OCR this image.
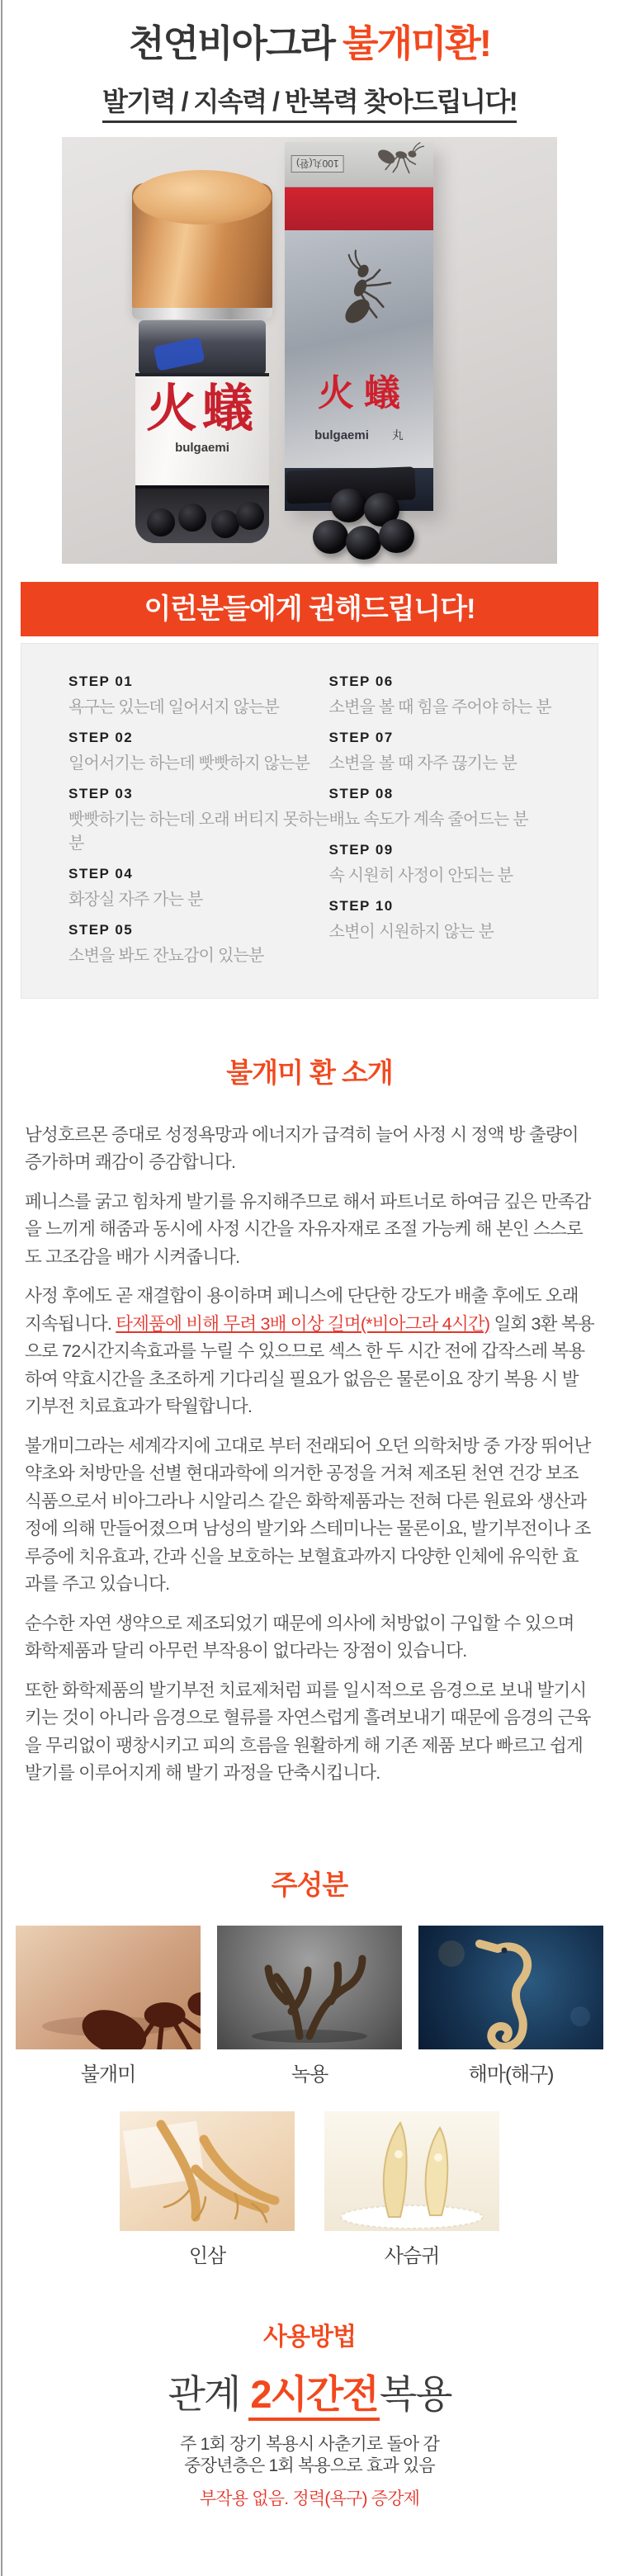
천연비아그라 불개미환!

발기력 / 지속력 / 반복력 찾아드립니다!

100丸(환)
火蟻
bulgaemi 丸
火蟻
bulgaemi
이런분들에게 권해드립니다!
STEP 01
욕구는 있는데 일어서지 않는분
STEP 02
일어서기는 하는데 빳빳하지 않는분
STEP 03
빳빳하기는 하는데 오래 버티지 못하는분
STEP 04
화장실 자주 가는 분
STEP 05
소변을 봐도 잔뇨감이 있는분
STEP 06
소변을 볼 때 힘을 주어야 하는 분
STEP 07
소변을 볼 때 자주 끊기는 분
STEP 08
배뇨 속도가 계속 줄어드는 분
STEP 09
속 시원히 사정이 안되는 분
STEP 10
소변이 시원하지 않는 분
불개미 환 소개

남성호르몬 증대로 성정욕망과 에너지가 급격히 늘어 사정 시 정액 방 출량이 증가하며 쾌감이 증감합니다.

페니스를 굵고 힘차게 발기를 유지해주므로 해서 파트너로 하여금 깊은 만족감을 느끼게 해줌과 동시에 사정 시간을 자유자재로 조절 가능케 해 본인 스스로도 고조감을 배가 시켜줍니다.

사정 후에도 곧 재결합이 용이하며 페니스에 단단한 강도가 배출 후에도 오래 지속됩니다. 타제품에 비해 무려 3배 이상 길며(*비아그라 4시간) 일회 3환 복용으로 72시간지속효과를 누릴 수 있으므로 섹스 한 두 시간 전에 갑작스레 복용하여 약효시간을 초조하게 기다리실 필요가 없음은 물론이요 장기 복용 시 발기부전 치료효과가 탁월합니다.

불개미그라는 세계각지에 고대로 부터 전래되어 오던 의학처방 중 가장 뛰어난 약초와 처방만을 선별 현대과학에 의거한 공정을 거쳐 제조된 천연 건강 보조식품으로서 비아그라나 시알리스 같은 화학제품과는 전혀 다른 원료와 생산과정에 의해 만들어졌으며 남성의 발기와 스테미나는 물론이요, 발기부전이나 조루증에 치유효과, 간과 신을 보호하는 보혈효과까지 다양한 인체에 유익한 효과를 주고 있습니다.

순수한 자연 생약으로 제조되었기 때문에 의사에 처방없이 구입할 수 있으며 화학제품과 달리 아무런 부작용이 없다라는 장점이 있습니다.

또한 화학제품의 발기부전 치료제처럼 피를 일시적으로 음경으로 보내 발기시키는 것이 아니라 음경으로 혈류를 자연스럽게 흘려보내기 때문에 음경의 근육을 무리없이 팽창시키고 피의 흐름을 원활하게 해 기존 제품 보다 빠르고 쉽게 발기를 이루어지게 해 발기 과정을 단축시킵니다.

주성분
불개미	녹용	해마(해구)
인삼	사슴귀
사용방법
관계 2시간전복용

주 1회 장기 복용시 사춘기로 돌아 감

중장년층은 1회 복용으로 효과 있음

부작용 없음. 정력(욕구) 증강제
